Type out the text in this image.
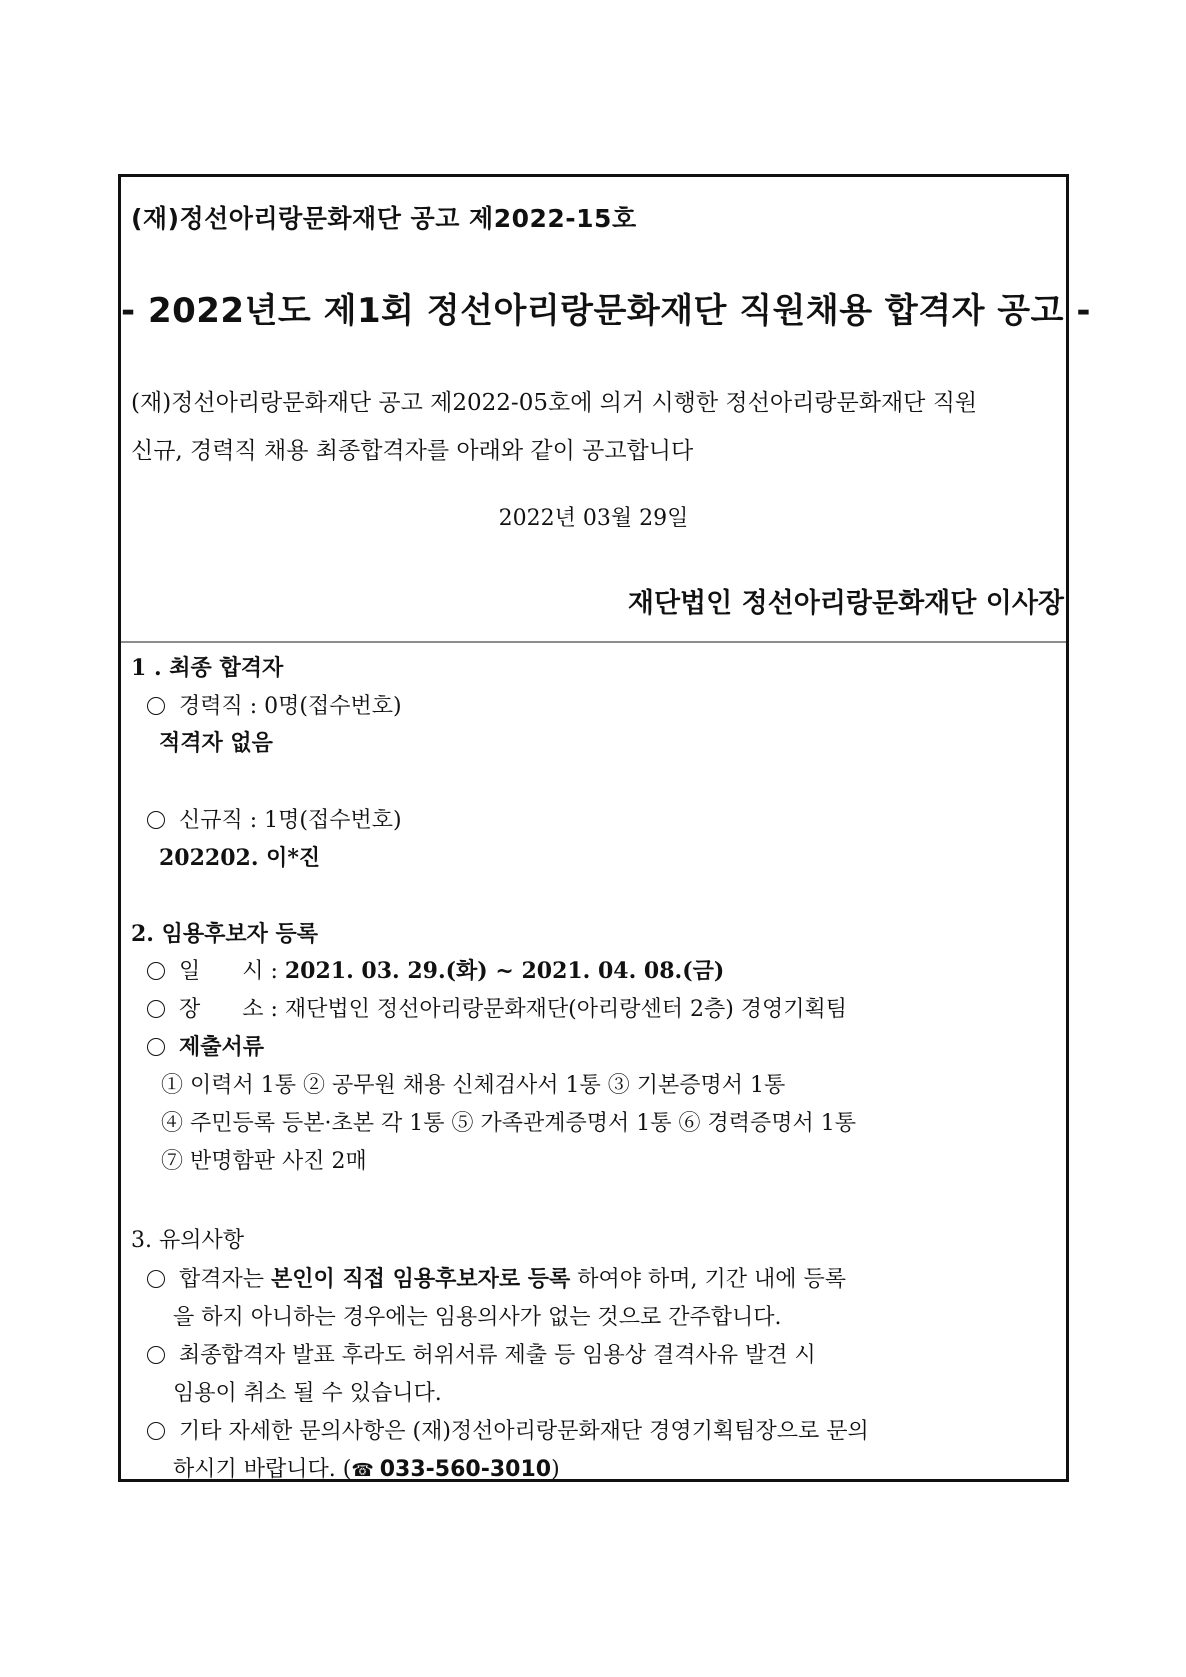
(재)정선아리랑문화재단 공고 제2022-15호
- 2022년도 제1회 정선아리랑문화재단 직원채용 합격자 공고 -
(재)정선아리랑문화재단 공고 제2022-05호에 의거 시행한 정선아리랑문화재단 직원
신규, 경력직 채용 최종합격자를 아래와 같이 공고합니다
2022년 03월 29일
재단법인 정선아리랑문화재단 이사장
1 . 최종 합격자
경력직 : 0명(접수번호)
적격자 없음
신규직 : 1명(접수번호)
202202. 이*진
2. 임용후보자 등록
일      시 : 2021. 03. 29.(화) ~ 2021. 04. 08.(금)
장      소 : 재단법인 정선아리랑문화재단(아리랑센터 2층) 경영기획팀
제출서류
① 이력서 1통 ② 공무원 채용 신체검사서 1통 ③ 기본증명서 1통
④ 주민등록 등본·초본 각 1통 ⑤ 가족관계증명서 1통 ⑥ 경력증명서 1통
⑦ 반명함판 사진 2매
3. 유의사항
합격자는 본인이 직접 임용후보자로 등록 하여야 하며, 기간 내에 등록
을 하지 아니하는 경우에는 임용의사가 없는 것으로 간주합니다.
최종합격자 발표 후라도 허위서류 제출 등 임용상 결격사유 발견 시
임용이 취소 될 수 있습니다.
기타 자세한 문의사항은 (재)정선아리랑문화재단 경영기획팀장으로 문의
하시기 바랍니다. (☎ 033-560-3010)
